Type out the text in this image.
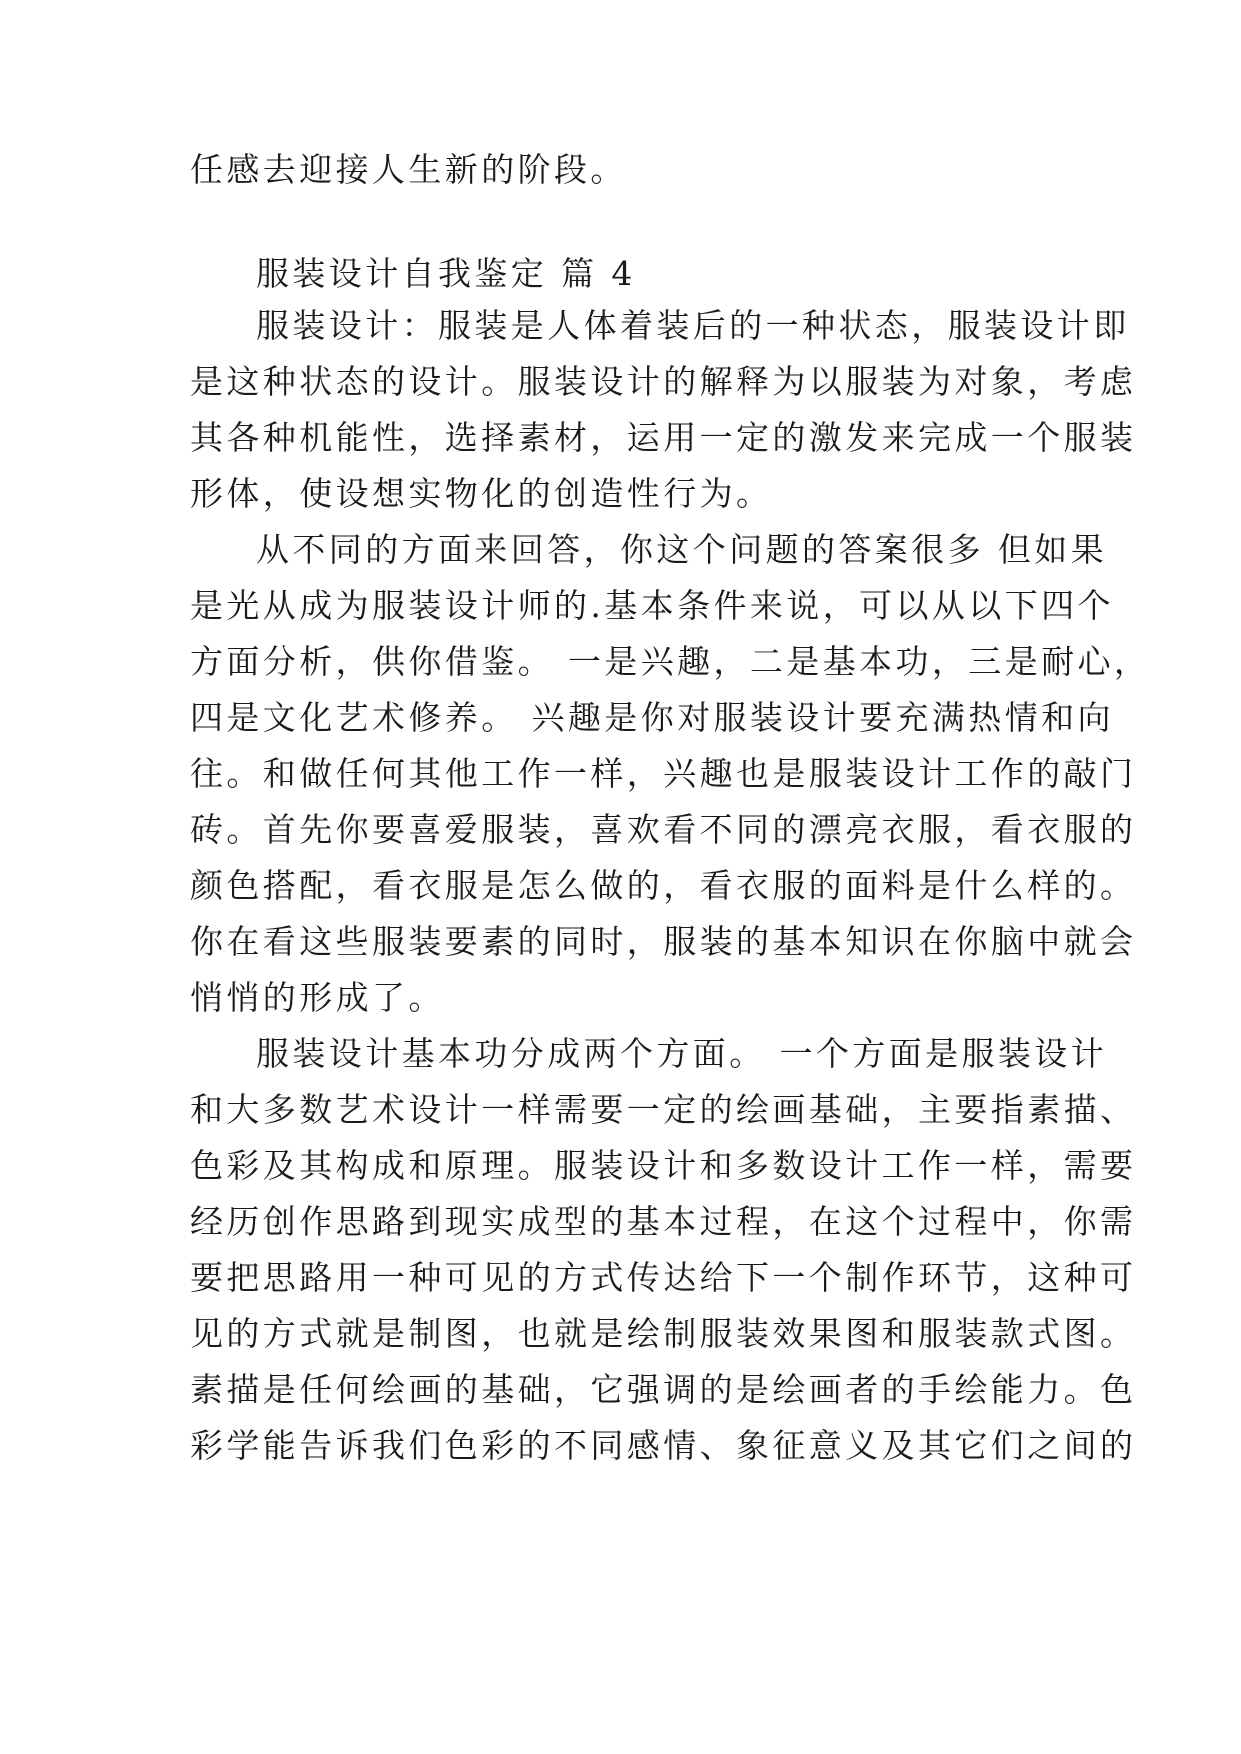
任感去迎接人生新的阶段。
服装设计自我鉴定 篇 4
服装设计：服装是人体着装后的一种状态，服装设计即
是这种状态的设计。服装设计的解释为以服装为对象，考虑
其各种机能性，选择素材，运用一定的激发来完成一个服装
形体，使设想实物化的创造性行为。
从不同的方面来回答，你这个问题的答案很多 但如果
是光从成为服装设计师的.基本条件来说，可以从以下四个
方面分析，供你借鉴。 一是兴趣，二是基本功，三是耐心，
四是文化艺术修养。 兴趣是你对服装设计要充满热情和向
往。和做任何其他工作一样，兴趣也是服装设计工作的敲门
砖。首先你要喜爱服装，喜欢看不同的漂亮衣服，看衣服的
颜色搭配，看衣服是怎么做的，看衣服的面料是什么样的。
你在看这些服装要素的同时，服装的基本知识在你脑中就会
悄悄的形成了。
服装设计基本功分成两个方面。 一个方面是服装设计
和大多数艺术设计一样需要一定的绘画基础，主要指素描、
色彩及其构成和原理。服装设计和多数设计工作一样，需要
经历创作思路到现实成型的基本过程，在这个过程中，你需
要把思路用一种可见的方式传达给下一个制作环节，这种可
见的方式就是制图，也就是绘制服装效果图和服装款式图。
素描是任何绘画的基础，它强调的是绘画者的手绘能力。色
彩学能告诉我们色彩的不同感情、象征意义及其它们之间的
